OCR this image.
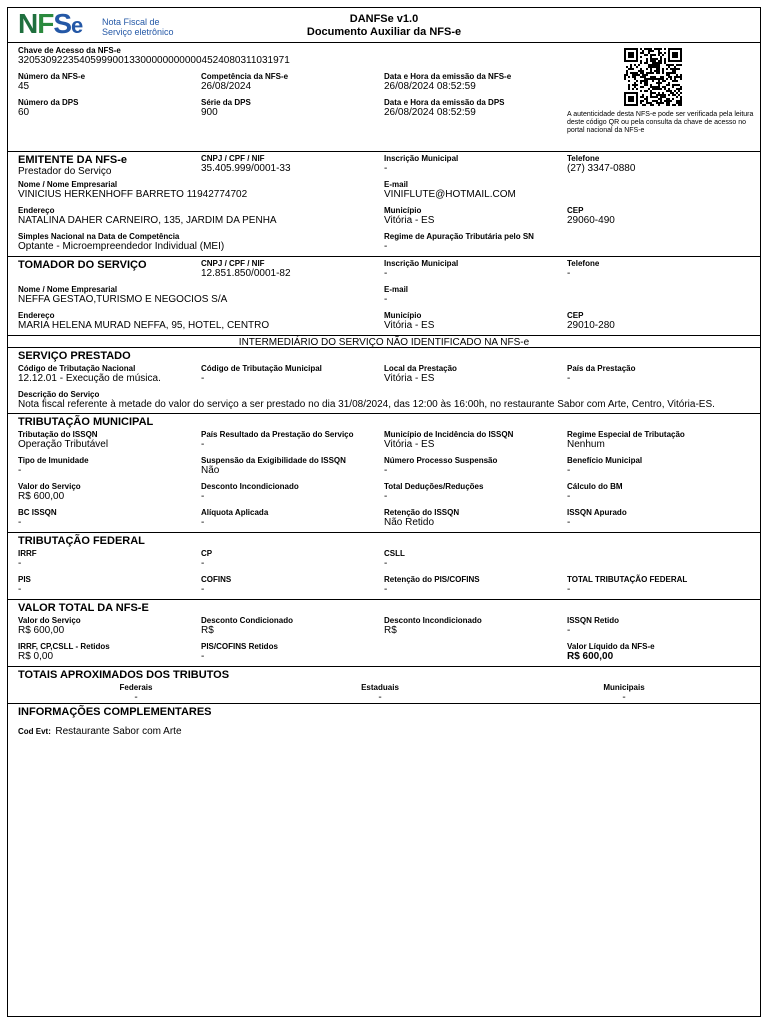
NFSe Nota Fiscal de
Serviço eletrônico
DANFSe v1.0
Documento Auxiliar da NFS-e
Chave de Acesso da NFS-e
32053092235405999001330000000000045240803110319​71
Número da NFS-e
45
Competência da NFS-e
26/08/2024
Data e Hora da emissão da NFS-e
26/08/2024 08:52:59
Número da DPS
60
Série da DPS
900
Data e Hora da emissão da DPS
26/08/2024 08:52:59	A autenticidade desta NFS-e pode ser verificada pela leitura deste código QR ou pela consulta da chave de acesso no portal nacional da NFS-e
EMITENTE DA NFS-e
Prestador do Serviço
CNPJ / CPF / NIF
35.405.999/0001-33
Inscrição Municipal
-
Telefone
(27) 3347-0880
Nome / Nome Empresarial
VINICIUS HERKENHOFF BARRETO 11942774702
E-mail
VINIFLUTE@HOTMAIL.COM
Endereço
NATALINA DAHER CARNEIRO, 135, JARDIM DA PENHA
Município
Vitória - ES
CEP
29060-490
Simples Nacional na Data de Competência
Optante - Microempreendedor Individual (MEI)
Regime de Apuração Tributária pelo SN
-
TOMADOR DO SERVIÇO	CNPJ / CPF / NIF
12.851.850/0001-82
Inscrição Municipal
-
Telefone
-
Nome / Nome Empresarial
NEFFA GESTAO,TURISMO E NEGOCIOS S/A
E-mail
-
Endereço
MARIA HELENA MURAD NEFFA, 95, HOTEL, CENTRO
Município
Vitória - ES
CEP
29010-280
INTERMEDIÁRIO DO SERVIÇO NÃO IDENTIFICADO NA NFS-e
SERVIÇO PRESTADO
Código de Tributação Nacional
12.12.01 - Execução de música.
Código de Tributação Municipal
-
Local da Prestação
Vitória - ES
País da Prestação
-
Descrição do Serviço
Nota fiscal referente à metade do valor do serviço a ser prestado no dia 31/08/2024, das 12:00 às 16:00h, no restaurante Sabor com Arte, Centro, Vitória-ES.
TRIBUTAÇÃO MUNICIPAL
Tributação do ISSQN
Operação Tributável
País Resultado da Prestação do Serviço
-
Município de Incidência do ISSQN
Vitória - ES
Regime Especial de Tributação
Nenhum
Tipo de Imunidade
-
Suspensão da Exigibilidade do ISSQN
Não
Número Processo Suspensão
-
Benefício Municipal
-
Valor do Serviço
R$ 600,00
Desconto Incondicionado
-
Total Deduções/Reduções
-
Cálculo do BM
-
BC ISSQN
-
Alíquota Aplicada
-
Retenção do ISSQN
Não Retido
ISSQN Apurado
-
TRIBUTAÇÃO FEDERAL
IRRF
-
CP
-
CSLL
-
PIS
-
COFINS
-
Retenção do PIS/COFINS
-
TOTAL TRIBUTAÇÃO FEDERAL
-
VALOR TOTAL DA NFS-E
Valor do Serviço
R$ 600,00
Desconto Condicionado
R$
Desconto Incondicionado
R$
ISSQN Retido
-
IRRF, CP,CSLL - Retidos
R$ 0,00
PIS/COFINS Retidos
-
Valor Líquido da NFS-e
R$ 600,00
TOTAIS APROXIMADOS DOS TRIBUTOS
Federais
-
Estaduais
-
Municipais
-
INFORMAÇÕES COMPLEMENTARES
Cod Evt: Restaurante Sabor com Arte
